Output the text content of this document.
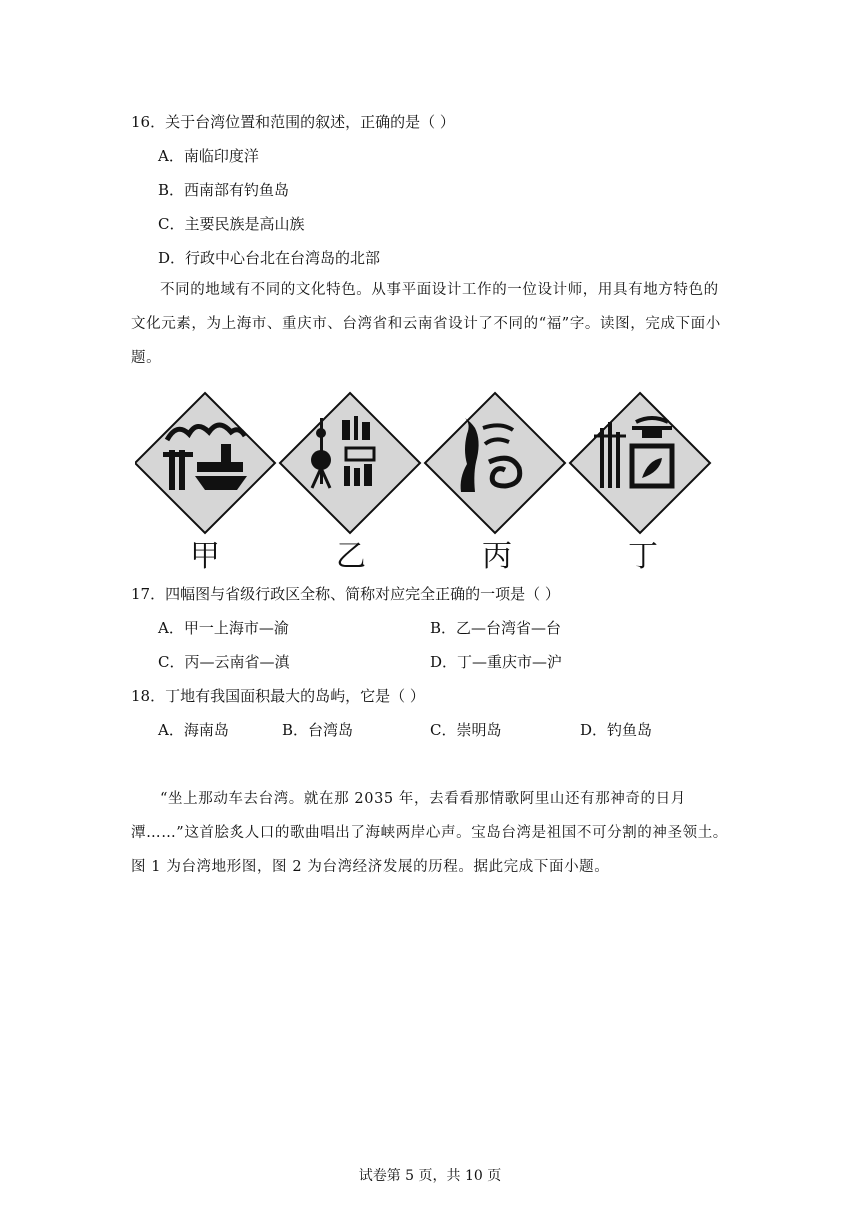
16．关于台湾位置和范围的叙述，正确的是（ ）
A．南临印度洋
B．西南部有钓鱼岛
C．主要民族是高山族
D．行政中心台北在台湾岛的北部
不同的地域有不同的文化特色。从事平面设计工作的一位设计师，用具有地方特色的文化元素，为上海市、重庆市、台湾省和云南省设计了不同的“福”字。读图，完成下面小题。
甲	乙	丙	丁
17．四幅图与省级行政区全称、简称对应完全正确的一项是（ ）
A．甲一上海市—渝	B．乙—台湾省—台
C．丙—云南省—滇	D．丁—重庆市—沪
18．丁地有我国面积最大的岛屿，它是（ ）
A．海南岛	B．台湾岛	C．崇明岛	D．钓鱼岛
“坐上那动车去台湾。就在那 2035 年，去看看那情歌阿里山还有那神奇的日月潭……”这首脍炙人口的歌曲唱出了海峡两岸心声。宝岛台湾是祖国不可分割的神圣领土。图 1 为台湾地形图，图 2 为台湾经济发展的历程。据此完成下面小题。
试卷第 5 页，共 10 页
